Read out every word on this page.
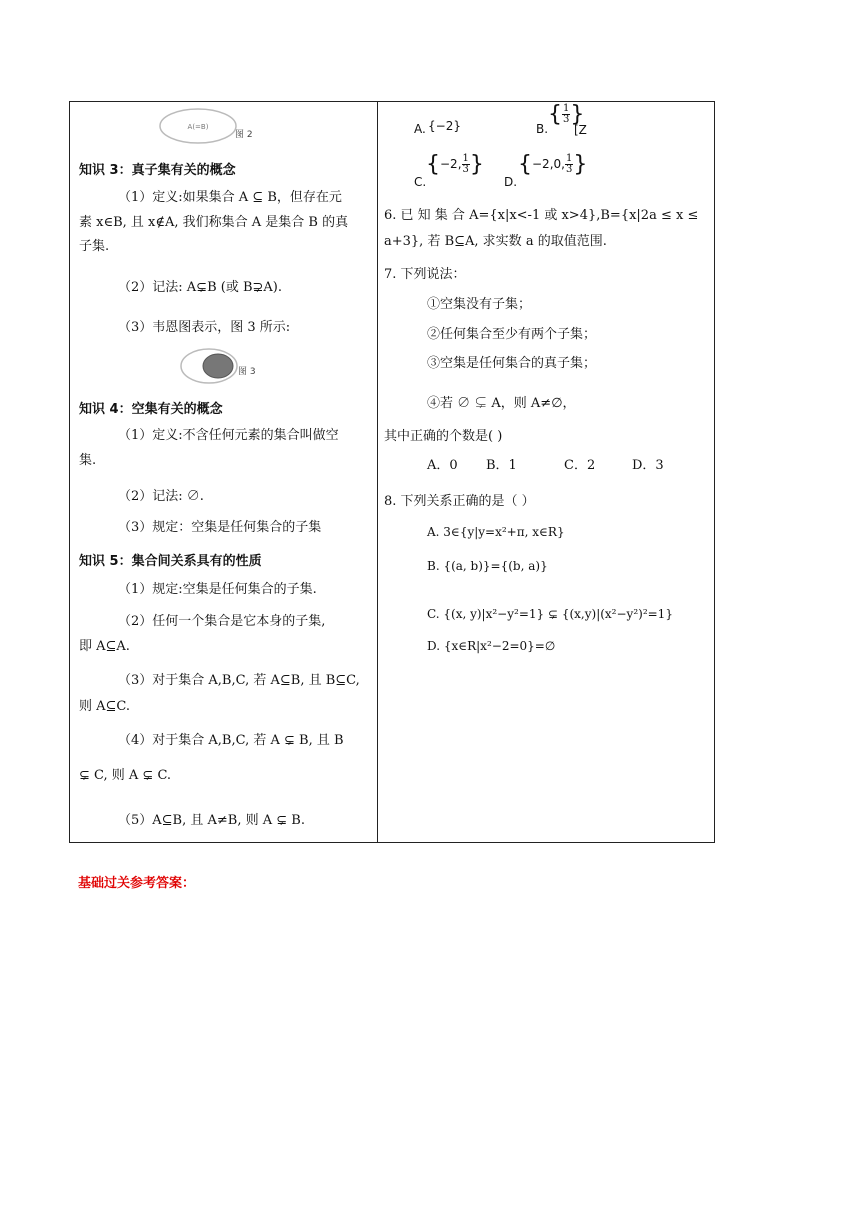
A(=B)
图 2
知识 3：真子集有关的概念
（1）定义:如果集合 A ⊆ B，但存在元
素 x∈B, 且 x∉A, 我们称集合 A 是集合 B 的真
子集.
（2）记法: A⊊B (或 B⊋A).
（3）韦恩图表示，图 3 所示:
图 3
知识 4：空集有关的概念
（1）定义:不含任何元素的集合叫做空
集.
（2）记法: ∅.
（3）规定：空集是任何集合的子集
知识 5：集合间关系具有的性质
（1）规定:空集是任何集合的子集.
（2）任何一个集合是它本身的子集,
即 A⊆A.
（3）对于集合 A,B,C, 若 A⊆B, 且 B⊆C,
则 A⊆C.
（4）对于集合 A,B,C, 若 A ⊊ B, 且 B
⊊ C, 则 A ⊊ C.
（5）A⊆B, 且 A≠B, 则 A ⊊ B.
A. {−2}	B.
{ $\frac{1}{3}$ }
[Z
C.
{−2, $\frac{1}{3}$ }
D.
{−2,0, $\frac{1}{3}$ }
6. 已 知 集 合 A={x|x<-1 或 x>4},B={x|2a ≤ x ≤
a+3}, 若 B⊆A, 求实数 a 的取值范围.
7. 下列说法：
①空集没有子集；
②任何集合至少有两个子集；
③空集是任何集合的真子集；
④若 ∅ ⊊ A，则 A≠∅，
其中正确的个数是( )
A．0 B．1	C．2	D．3
8. 下列关系正确的是（ ）
A. 3∈{y|y=x²+π, x∈R}
B. {(a, b)}={(b, a)}
C. {(x, y)|x²−y²=1} ⊊ {(x,y)|(x²−y²)²=1}
D. {x∈R|x²−2=0}=∅
基础过关参考答案：
